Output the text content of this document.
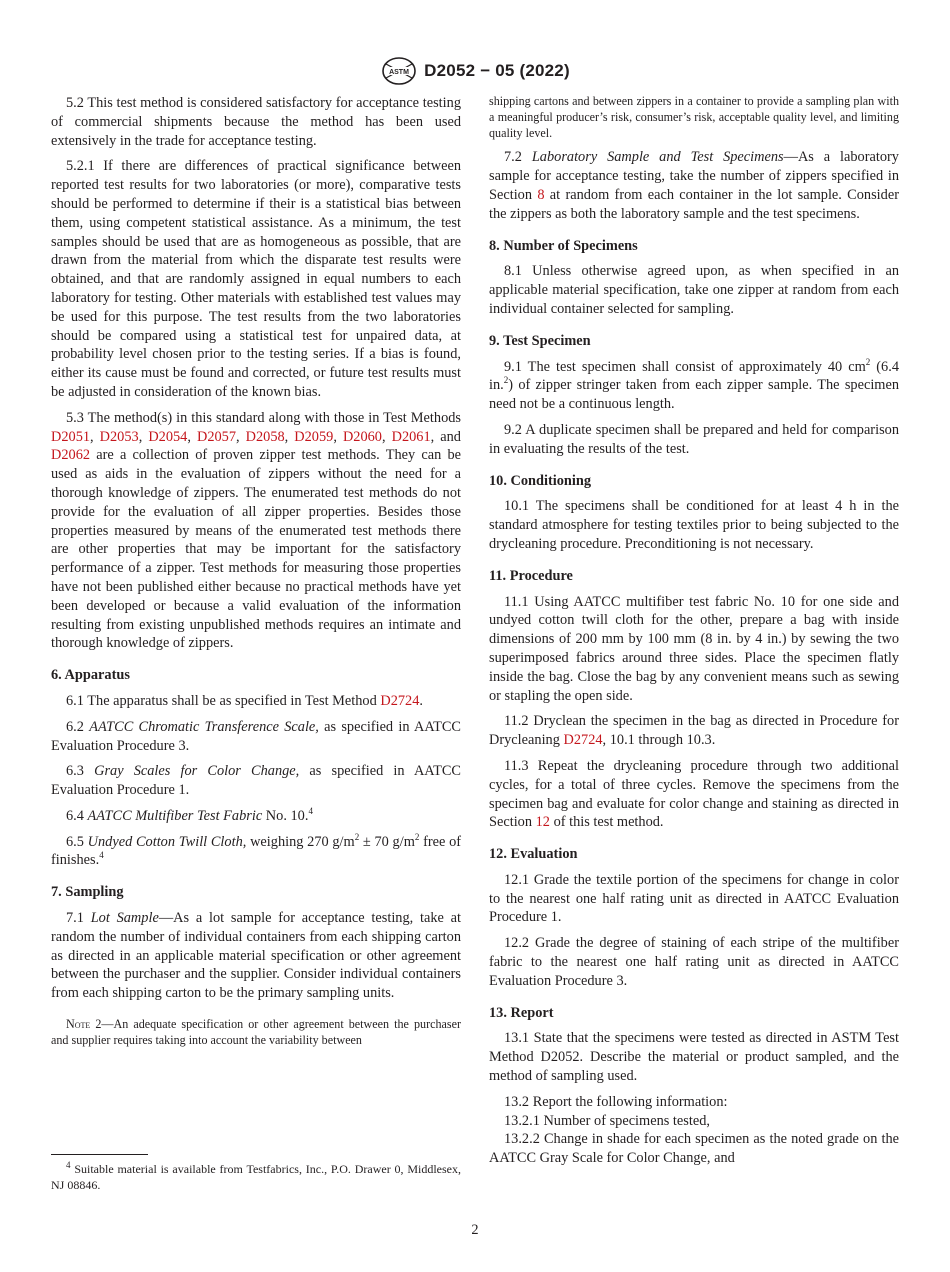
ASTM D2052 − 05 (2022)

5.2 This test method is considered satisfactory for acceptance testing of commercial shipments because the method has been used extensively in the trade for acceptance testing.

5.2.1 If there are differences of practical significance between reported test results for two laboratories (or more), comparative tests should be performed to determine if their is a statistical bias between them, using competent statistical assistance. As a minimum, the test samples should be used that are as homogeneous as possible, that are drawn from the material from which the disparate test results were obtained, and that are randomly assigned in equal numbers to each laboratory for testing. Other materials with established test values may be used for this purpose. The test results from the two laboratories should be compared using a statistical test for unpaired data, at probability level chosen prior to the testing series. If a bias is found, either its cause must be found and corrected, or future test results must be adjusted in consideration of the known bias.

5.3 The method(s) in this standard along with those in Test Methods D2051, D2053, D2054, D2057, D2058, D2059, D2060, D2061, and D2062 are a collection of proven zipper test methods. They can be used as aids in the evaluation of zippers without the need for a thorough knowledge of zippers. The enumerated test methods do not provide for the evaluation of all zipper properties. Besides those properties measured by means of the enumerated test methods there are other properties that may be important for the satisfactory performance of a zipper. Test methods for measuring those properties have not been published either because no practical methods have yet been developed or because a valid evaluation of the information resulting from existing unpublished methods requires an intimate and thorough knowledge of zippers.

6. Apparatus

6.1 The apparatus shall be as specified in Test Method D2724.

6.2 AATCC Chromatic Transference Scale, as specified in AATCC Evaluation Procedure 3.

6.3 Gray Scales for Color Change, as specified in AATCC Evaluation Procedure 1.

6.4 AATCC Multifiber Test Fabric No. 10.$^4$

6.5 Undyed Cotton Twill Cloth, weighing 270 $g/m^2 \pm 70$ $g/m^2$ free of finishes.$^4$

7. Sampling

7.1 Lot Sample—As a lot sample for acceptance testing, take at random the number of individual containers from each shipping carton as directed in an applicable material specification or other agreement between the purchaser and the supplier. Consider individual containers from each shipping carton to be the primary sampling units.

Note 2—An adequate specification or other agreement between the purchaser and supplier requires taking into account the variability between

$^4$ Suitable material is available from Testfabrics, Inc., P.O. Drawer 0, Middlesex, NJ 08846.

shipping cartons and between zippers in a container to provide a sampling plan with a meaningful producer’s risk, consumer’s risk, acceptable quality level, and limiting quality level.

7.2 Laboratory Sample and Test Specimens—As a laboratory sample for acceptance testing, take the number of zippers specified in Section 8 at random from each container in the lot sample. Consider the zippers as both the laboratory sample and the test specimens.

8. Number of Specimens

8.1 Unless otherwise agreed upon, as when specified in an applicable material specification, take one zipper at random from each individual container selected for sampling.

9. Test Specimen

9.1 The test specimen shall consist of approximately 40 $cm^2$ (6.4 in.$^2$) of zipper stringer taken from each zipper sample. The specimen need not be a continuous length.

9.2 A duplicate specimen shall be prepared and held for comparison in evaluating the results of the test.

10. Conditioning

10.1 The specimens shall be conditioned for at least 4 h in the standard atmosphere for testing textiles prior to being subjected to the drycleaning procedure. Preconditioning is not necessary.

11. Procedure

11.1 Using AATCC multifiber test fabric No. 10 for one side and undyed cotton twill cloth for the other, prepare a bag with inside dimensions of 200 mm by 100 mm (8 in. by 4 in.) by sewing the two superimposed fabrics around three sides. Place the specimen flatly inside the bag. Close the bag by any convenient means such as sewing or stapling the open side.

11.2 Dryclean the specimen in the bag as directed in Procedure for Drycleaning D2724, 10.1 through 10.3.

11.3 Repeat the drycleaning procedure through two additional cycles, for a total of three cycles. Remove the specimens from the specimen bag and evaluate for color change and staining as directed in Section 12 of this test method.

12. Evaluation

12.1 Grade the textile portion of the specimens for change in color to the nearest one half rating unit as directed in AATCC Evaluation Procedure 1.

12.2 Grade the degree of staining of each stripe of the multifiber fabric to the nearest one half rating unit as directed in AATCC Evaluation Procedure 3.

13. Report

13.1 State that the specimens were tested as directed in ASTM Test Method D2052. Describe the material or product sampled, and the method of sampling used.

13.2 Report the following information:

13.2.1 Number of specimens tested,

13.2.2 Change in shade for each specimen as the noted grade on the AATCC Gray Scale for Color Change, and

2
